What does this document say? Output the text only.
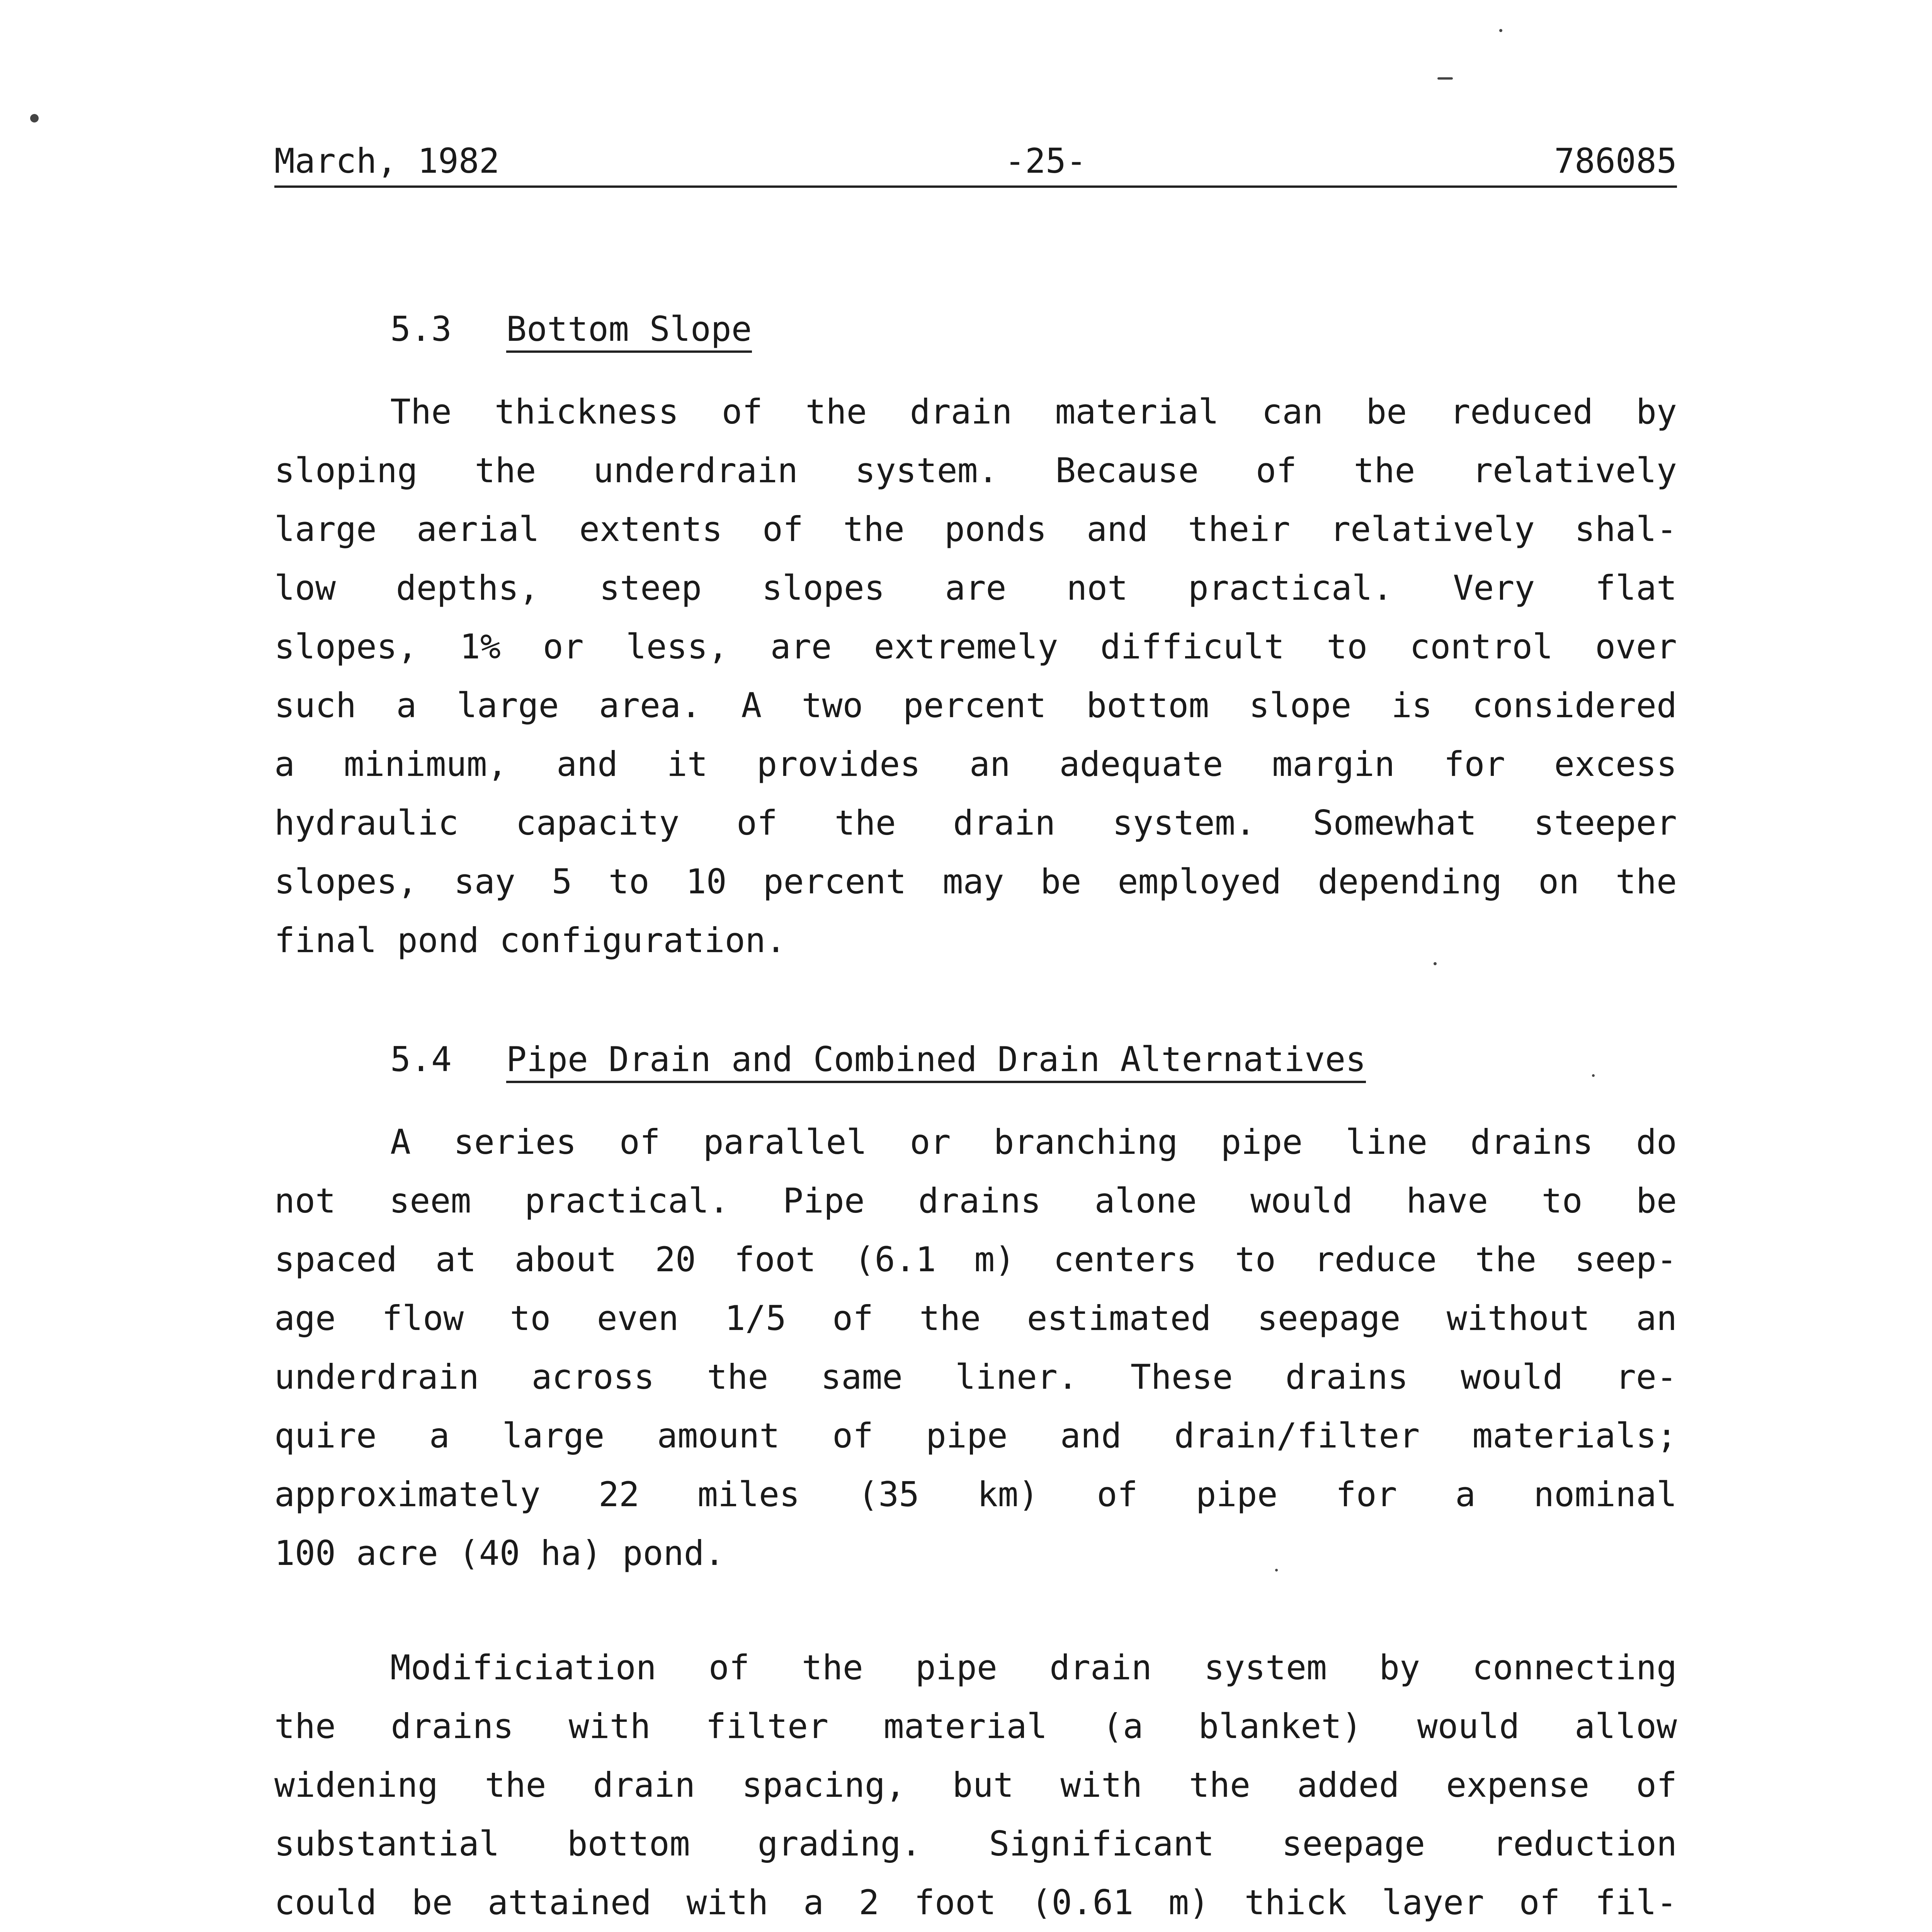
March, 1982	-25-	786085
5.3 Bottom Slope
The thickness of the drain material can be reduced by
sloping the underdrain system. Because of the relatively
large aerial extents of the ponds and their relatively shal-
low depths, steep slopes are not practical. Very flat
slopes, 1% or less, are extremely difficult to control over
such a large area. A two percent bottom slope is considered
a minimum, and it provides an adequate margin for excess
hydraulic capacity of the drain system. Somewhat steeper
slopes, say 5 to 10 percent may be employed depending on the
final pond configuration.
5.4 Pipe Drain and Combined Drain Alternatives
A series of parallel or branching pipe line drains do
not seem practical. Pipe drains alone would have to be
spaced at about 20 foot (6.1 m) centers to reduce the seep-
age flow to even 1/5 of the estimated seepage without an
underdrain across the same liner. These drains would re-
quire a large amount of pipe and drain/filter materials;
approximately 22 miles (35 km) of pipe for a nominal
100 acre (40 ha) pond.
Modificiation of the pipe drain system by connecting
the drains with filter material (a blanket) would allow
widening the drain spacing, but with the added expense of
substantial bottom grading. Significant seepage reduction
could be attained with a 2 foot (0.61 m) thick layer of fil-
